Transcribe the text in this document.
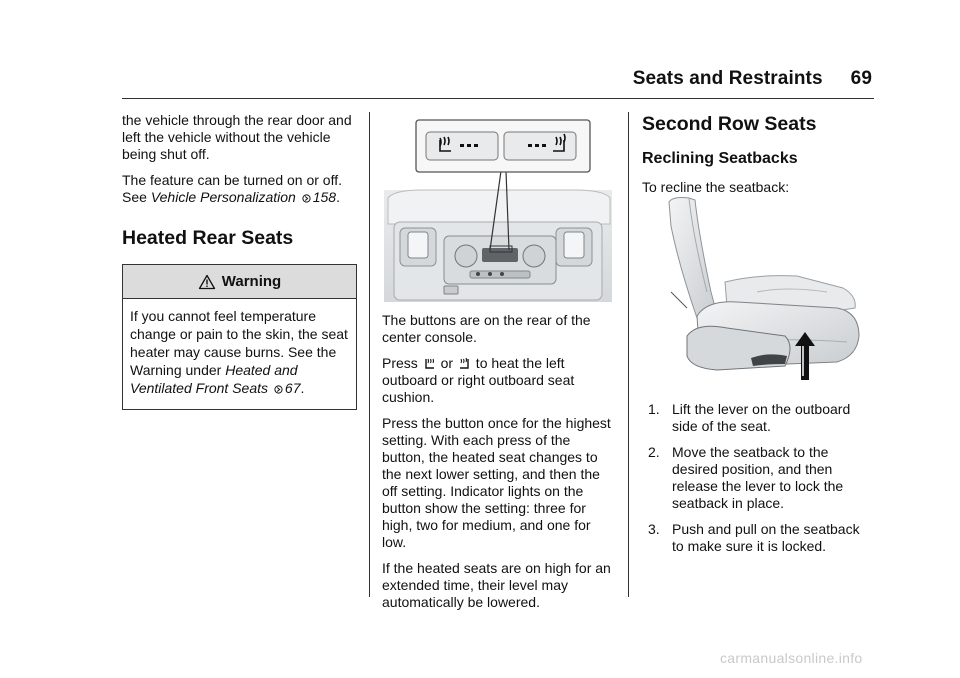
Seats and Restraints 69

the vehicle through the rear door and left the vehicle without the vehicle being shut off.

The feature can be turned on or off. See Vehicle Personalization 158.

Heated Rear Seats
Warning

If you cannot feel temperature change or pain to the skin, the seat heater may cause burns. See the Warning under Heated and Ventilated Front Seats 67.

The buttons are on the rear of the center console.

Press  or  to heat the left outboard or right outboard seat cushion.

Press the button once for the highest setting. With each press of the button, the heated seat changes to the next lower setting, and then the off setting. Indicator lights on the button show the setting: three for high, two for medium, and one for low.

If the heated seats are on high for an extended time, their level may automatically be lowered.

Second Row Seats
Reclining Seatbacks

To recline the seatback:

1. Lift the lever on the outboard side of the seat.
2. Move the seatback to the desired position, and then release the lever to lock the seatback in place.
3. Push and pull on the seatback to make sure it is locked.
carmanualsonline.info
